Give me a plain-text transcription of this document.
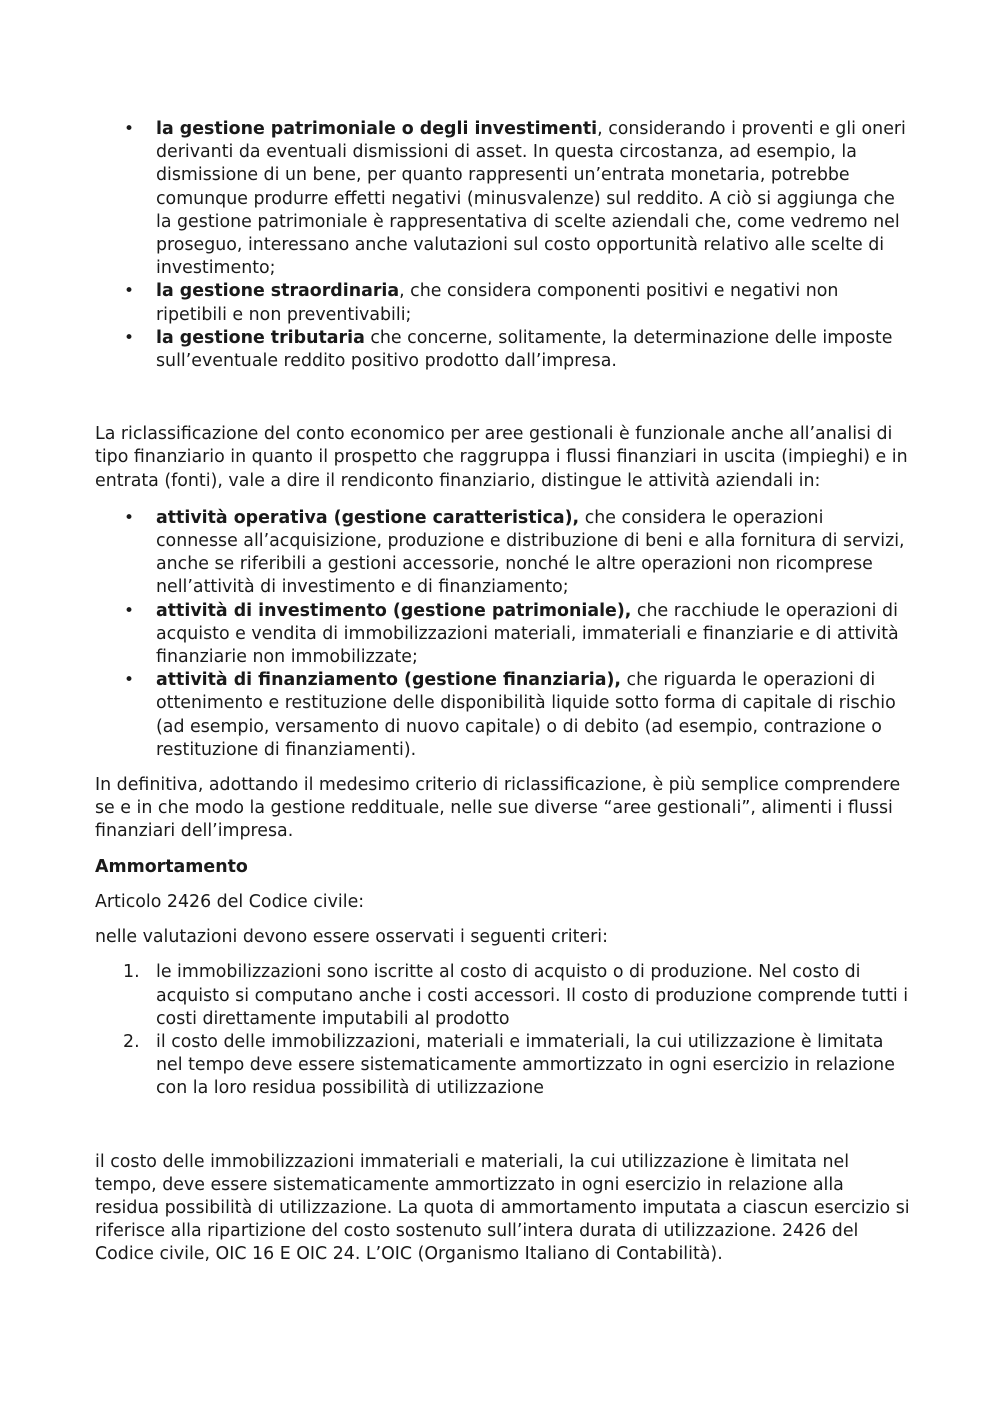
• la gestione patrimoniale o degli investimenti, considerando i proventi e gli oneri derivanti da eventuali dismissioni di asset. In questa circostanza, ad esempio, la dismissione di un bene, per quanto rappresenti un’entrata monetaria, potrebbe comunque produrre effetti negativi (minusvalenze) sul reddito. A ciò si aggiunga che la gestione patrimoniale è rappresentativa di scelte aziendali che, come vedremo nel proseguo, interessano anche valutazioni sul costo opportunità relativo alle scelte di investimento;
• la gestione straordinaria, che considera componenti positivi e negativi non ripetibili e non preventivabili;
• la gestione tributaria che concerne, solitamente, la determinazione delle imposte sull’eventuale reddito positivo prodotto dall’impresa.

La riclassificazione del conto economico per aree gestionali è funzionale anche all’analisi di tipo finanziario in quanto il prospetto che raggruppa i flussi finanziari in uscita (impieghi) e in entrata (fonti), vale a dire il rendiconto finanziario, distingue le attività aziendali in:

• attività operativa (gestione caratteristica), che considera le operazioni connesse all’acquisizione, produzione e distribuzione di beni e alla fornitura di servizi, anche se riferibili a gestioni accessorie, nonché le altre operazioni non ricomprese nell’attività di investimento e di finanziamento;
• attività di investimento (gestione patrimoniale), che racchiude le operazioni di acquisto e vendita di immobilizzazioni materiali, immateriali e finanziarie e di attività finanziarie non immobilizzate;
• attività di finanziamento (gestione finanziaria), che riguarda le operazioni di ottenimento e restituzione delle disponibilità liquide sotto forma di capitale di rischio (ad esempio, versamento di nuovo capitale) o di debito (ad esempio, contrazione o restituzione di finanziamenti).

In definitiva, adottando il medesimo criterio di riclassificazione, è più semplice comprendere se e in che modo la gestione reddituale, nelle sue diverse “aree gestionali”, alimenti i flussi finanziari dell’impresa.

Ammortamento

Articolo 2426 del Codice civile:

nelle valutazioni devono essere osservati i seguenti criteri:

1. le immobilizzazioni sono iscritte al costo di acquisto o di produzione. Nel costo di acquisto si computano anche i costi accessori. Il costo di produzione comprende tutti i costi direttamente imputabili al prodotto
2. il costo delle immobilizzazioni, materiali e immateriali, la cui utilizzazione è limitata nel tempo deve essere sistematicamente ammortizzato in ogni esercizio in relazione con la loro residua possibilità di utilizzazione

il costo delle immobilizzazioni immateriali e materiali, la cui utilizzazione è limitata nel tempo, deve essere sistematicamente ammortizzato in ogni esercizio in relazione alla residua possibilità di utilizzazione. La quota di ammortamento imputata a ciascun esercizio si riferisce alla ripartizione del costo sostenuto sull’intera durata di utilizzazione. 2426 del Codice civile, OIC 16 E OIC 24. L’OIC (Organismo Italiano di Contabilità).
